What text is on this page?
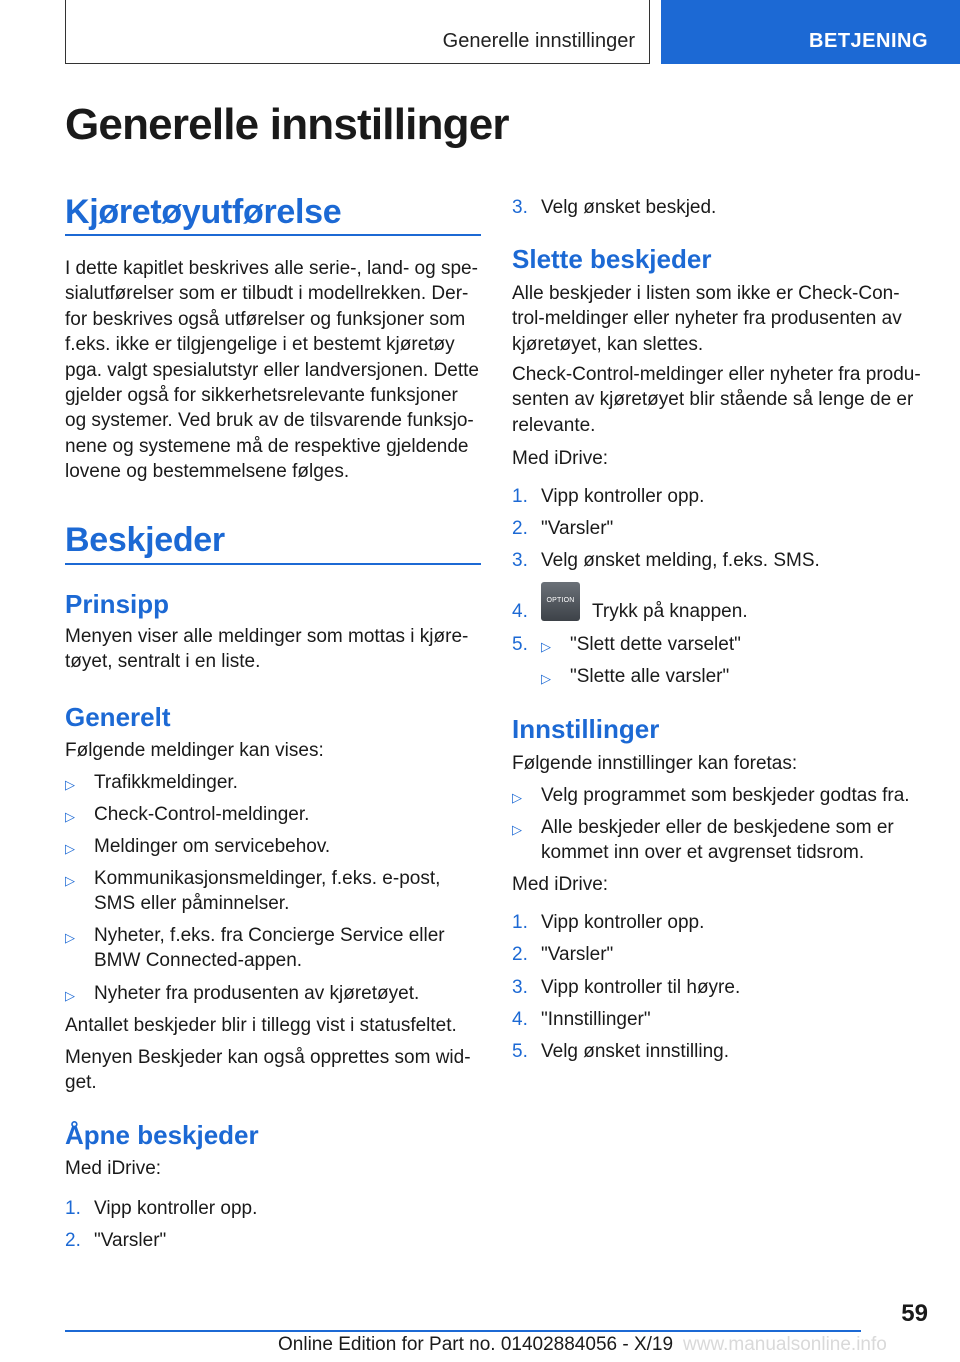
Generelle innstillinger	BETJENING
Generelle innstillinger
Kjøretøyutførelse
I dette kapitlet beskrives alle serie-, land- og spe-
sialutførelser som er tilbudt i modellrekken. Der-
for beskrives også utførelser og funksjoner som
f.eks. ikke er tilgjengelige i et bestemt kjøretøy
pga. valgt spesialutstyr eller landversjonen. Dette
gjelder også for sikkerhetsrelevante funksjoner
og systemer. Ved bruk av de tilsvarende funksjo-
nene og systemene må de respektive gjeldende
lovene og bestemmelsene følges.
Beskjeder
Prinsipp
Menyen viser alle meldinger som mottas i kjøre-
tøyet, sentralt i en liste.
Generelt
Følgende meldinger kan vises:
▷	Trafikkmeldinger.
▷	Check-Control-meldinger.
▷	Meldinger om servicebehov.
▷	Kommunikasjonsmeldinger, f.eks. e-post,
SMS eller påminnelser.
▷	Nyheter, f.eks. fra Concierge Service eller
BMW Connected-appen.
▷	Nyheter fra produsenten av kjøretøyet.
Antallet beskjeder blir i tillegg vist i statusfeltet.
Menyen Beskjeder kan også opprettes som wid-
get.
Åpne beskjeder
Med iDrive:
1. Vipp kontroller opp.
2. "Varsler"
3. Velg ønsket beskjed.
Slette beskjeder
Alle beskjeder i listen som ikke er Check-Con-
trol-meldinger eller nyheter fra produsenten av
kjøretøyet, kan slettes.
Check-Control-meldinger eller nyheter fra produ-
senten av kjøretøyet blir stående så lenge de er
relevante.
Med iDrive:
1. Vipp kontroller opp.
2. "Varsler"
3. Velg ønsket melding, f.eks. SMS.
4.	Trykk på knappen.
OPTION
5. ▷	"Slett dette varselet"
▷	"Slette alle varsler"
Innstillinger
Følgende innstillinger kan foretas:
▷	Velg programmet som beskjeder godtas fra.
▷	Alle beskjeder eller de beskjedene som er
kommet inn over et avgrenset tidsrom.
Med iDrive:
1. Vipp kontroller opp.
2. "Varsler"
3. Vipp kontroller til høyre.
4. "Innstillinger"
5. Velg ønsket innstilling.
59
Online Edition for Part no. 01402884056 - X/19 www.manualsonline.info
